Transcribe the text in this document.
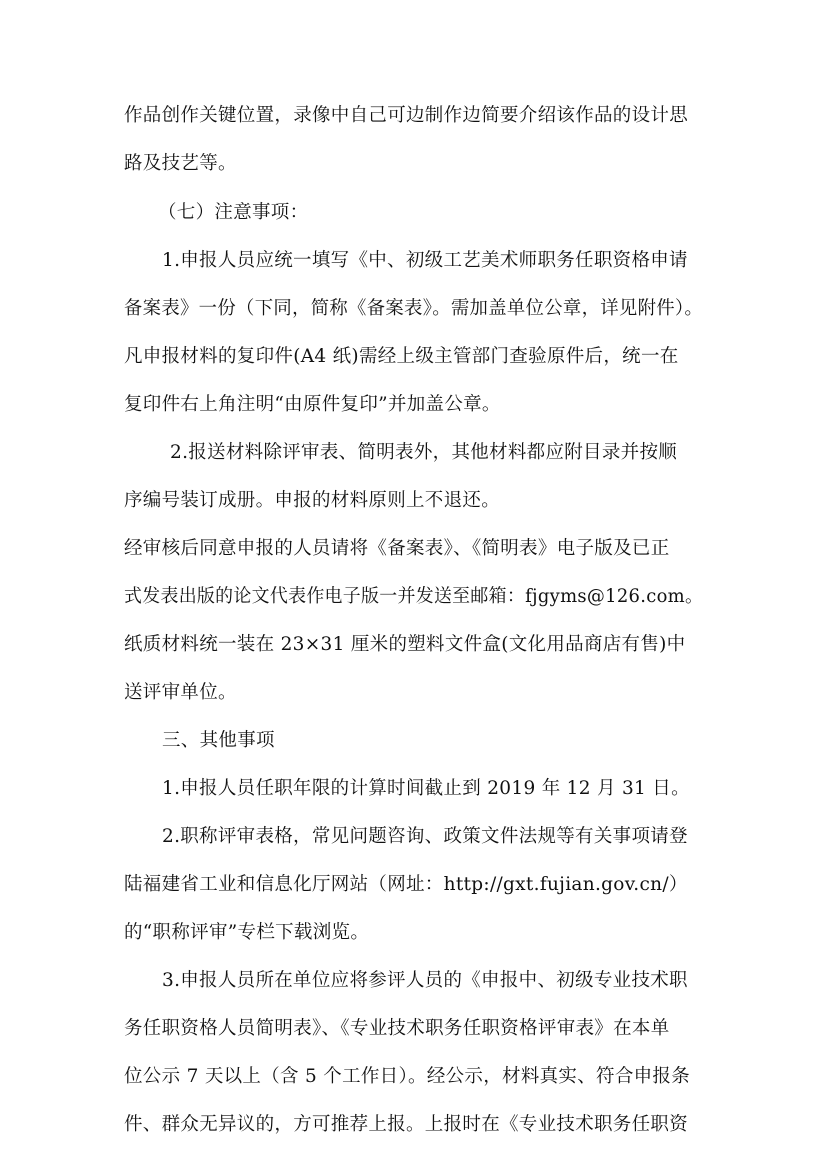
作品创作关键位置，录像中自己可边制作边简要介绍该作品的设计思
路及技艺等。
（七）注意事项：
1.申报人员应统一填写《中、初级工艺美术师职务任职资格申请
备案表》一份（下同，简称《备案表》。需加盖单位公章，详见附件）。
凡申报材料的复印件(A4 纸)需经上级主管部门查验原件后，统一在
复印件右上角注明“由原件复印”并加盖公章。
2.报送材料除评审表、简明表外，其他材料都应附目录并按顺
序编号装订成册。申报的材料原则上不退还。
经审核后同意申报的人员请将《备案表》、《简明表》电子版及已正
式发表出版的论文代表作电子版一并发送至邮箱：fjgyms@126.com。
纸质材料统一装在 23×31 厘米的塑料文件盒(文化用品商店有售)中
送评审单位。
三、其他事项
1.申报人员任职年限的计算时间截止到 2019 年 12 月 31 日。
2.职称评审表格，常见问题咨询、政策文件法规等有关事项请登
陆福建省工业和信息化厅网站（网址：http://gxt.fujian.gov.cn/）
的“职称评审”专栏下载浏览。
3.申报人员所在单位应将参评人员的《申报中、初级专业技术职
务任职资格人员简明表》、《专业技术职务任职资格评审表》在本单
位公示 7 天以上（含 5 个工作日）。经公示，材料真实、符合申报条
件、群众无异议的，方可推荐上报。上报时在《专业技术职务任职资
